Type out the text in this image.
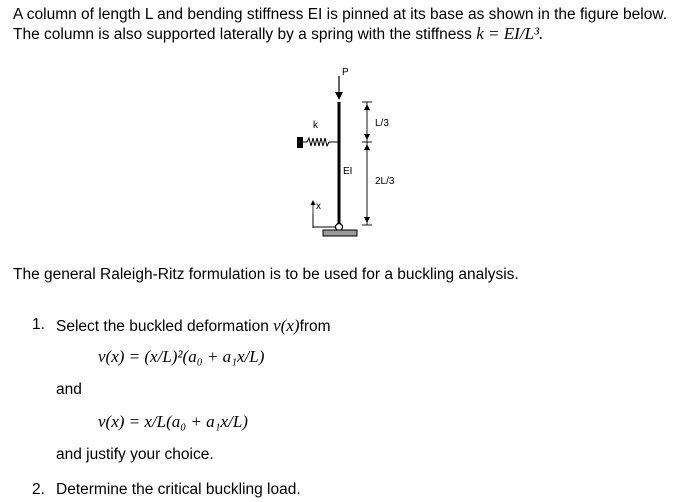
A column of length L and bending stiffness EI is pinned at its base as shown in the figure below.
The column is also supported laterally by a spring with the stiffness k = EI/L³.
P
k
EI
L/3
2L/3
x
The general Raleigh-Ritz formulation is to be used for a buckling analysis.
1. Select the buckled deformation v(x)from
v(x) = (x/L)²(a₀ + a₁x/L)
and
v(x) = x/L(a₀ + a₁x/L)
and justify your choice.
2. Determine the critical buckling load.
